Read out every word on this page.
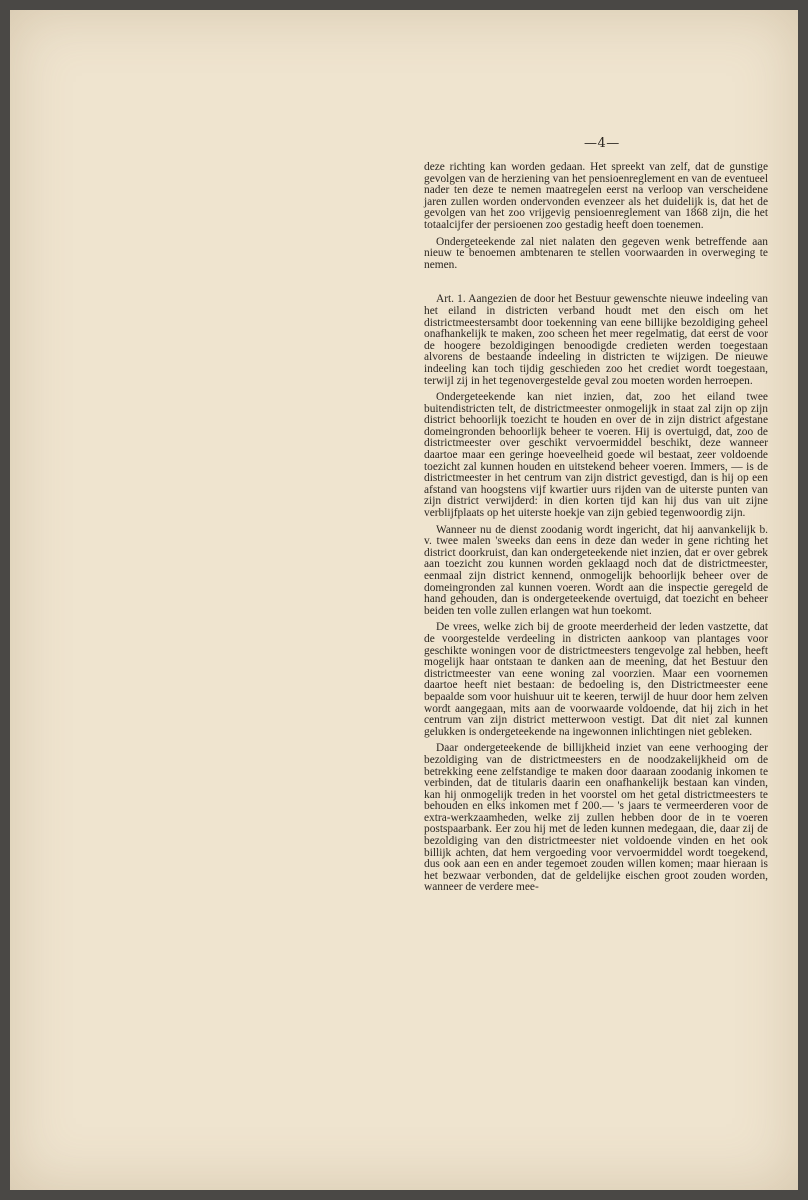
—4—

deze richting kan worden gedaan. Het spreekt van zelf, dat de gunstige gevolgen van de herziening van het pensioenreglement en van de eventueel nader ten deze te nemen maatregelen eerst na verloop van verscheidene jaren zullen worden ondervonden evenzeer als het duidelijk is, dat het de gevolgen van het zoo vrijgevig pensioenreglement van 1868 zijn, die het totaalcijfer der persioenen zoo gestadig heeft doen toenemen.

Ondergeteekende zal niet nalaten den gegeven wenk betreffende aan nieuw te benoemen ambtenaren te stellen voorwaarden in overweging te nemen.

Art. 1. Aangezien de door het Bestuur gewenschte nieuwe indeeling van het eiland in districten verband houdt met den eisch om het districtmeestersambt door toekenning van eene billijke bezoldiging geheel onafhankelijk te maken, zoo scheen het meer regelmatig, dat eerst de voor de hoogere bezoldigingen benoodigde credieten werden toegestaan alvorens de bestaande indeeling in districten te wijzigen. De nieuwe indeeling kan toch tijdig geschieden zoo het crediet wordt toegestaan, terwijl zij in het tegenovergestelde geval zou moeten worden herroepen.

Ondergeteekende kan niet inzien, dat, zoo het eiland twee buitendistricten telt, de districtmeester onmogelijk in staat zal zijn op zijn district behoorlijk toezicht te houden en over de in zijn district afgestane domeingronden behoorlijk beheer te voeren. Hij is overtuigd, dat, zoo de districtmeester over geschikt vervoermiddel beschikt, deze wanneer daartoe maar een geringe hoeveelheid goede wil bestaat, zeer voldoende toezicht zal kunnen houden en uitstekend beheer voeren. Immers, — is de districtmeester in het centrum van zijn district gevestigd, dan is hij op een afstand van hoogstens vijf kwartier uurs rijden van de uiterste punten van zijn district verwijderd: in dien korten tijd kan hij dus van uit zijne verblijfplaats op het uiterste hoekje van zijn gebied tegenwoordig zijn.

Wanneer nu de dienst zoodanig wordt ingericht, dat hij aanvankelijk b. v. twee malen 'sweeks dan eens in deze dan weder in gene richting het district doorkruist, dan kan ondergeteekende niet inzien, dat er over gebrek aan toezicht zou kunnen worden geklaagd noch dat de districtmeester, eenmaal zijn district kennend, onmogelijk behoorlijk beheer over de domeingronden zal kunnen voeren. Wordt aan die inspectie geregeld de hand gehouden, dan is ondergeteekende overtuigd, dat toezicht en beheer beiden ten volle zullen erlangen wat hun toekomt.

De vrees, welke zich bij de groote meerderheid der leden vastzette, dat de voorgestelde verdeeling in districten aankoop van plantages voor geschikte woningen voor de districtmeesters tengevolge zal hebben, heeft mogelijk haar ontstaan te danken aan de meening, dat het Bestuur den districtmeester van eene woning zal voorzien. Maar een voornemen daartoe heeft niet bestaan: de bedoeling is, den Districtmeester eene bepaalde som voor huishuur uit te keeren, terwijl de huur door hem zelven wordt aangegaan, mits aan de voorwaarde voldoende, dat hij zich in het centrum van zijn district metterwoon vestigt. Dat dit niet zal kunnen gelukken is ondergeteekende na ingewonnen inlichtingen niet gebleken.

Daar ondergeteekende de billijkheid inziet van eene verhooging der bezoldiging van de districtmeesters en de noodzakelijkheid om de betrekking eene zelfstandige te maken door daaraan zoodanig inkomen te verbinden, dat de titularis daarin een onafhankelijk bestaan kan vinden, kan hij onmogelijk treden in het voorstel om het getal districtmeesters te behouden en elks inkomen met f 200.— 's jaars te vermeerderen voor de extra-werkzaamheden, welke zij zullen hebben door de in te voeren postspaarbank. Eer zou hij met de leden kunnen medegaan, die, daar zij de bezoldiging van den districtmeester niet voldoende vinden en het ook billijk achten, dat hem vergoeding voor vervoermiddel wordt toegekend, dus ook aan een en ander tegemoet zouden willen komen; maar hieraan is het bezwaar verbonden, dat de geldelijke eischen groot zouden worden, wanneer de verdere mee-
